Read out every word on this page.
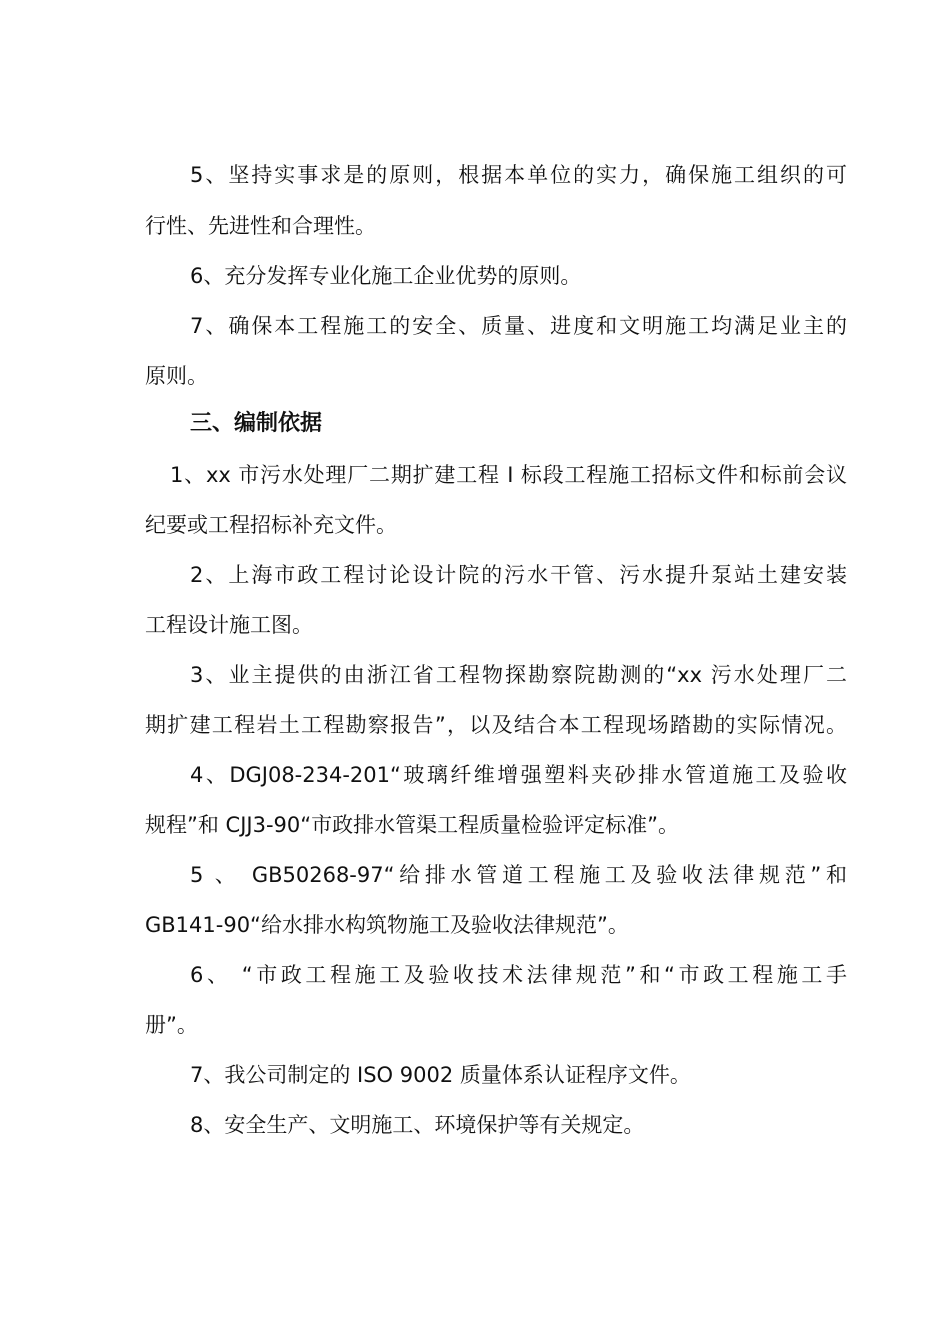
5、坚持实事求是的原则，根据本单位的实力，确保施工组织的可
行性、先进性和合理性。
6、充分发挥专业化施工企业优势的原则。
7、确保本工程施工的安全、质量、进度和文明施工均满足业主的
原则。
三、编制依据
1、xx 市污水处理厂二期扩建工程 I 标段工程施工招标文件和标前会议
纪要或工程招标补充文件。
2、上海市政工程讨论设计院的污水干管、污水提升泵站土建安装
工程设计施工图。
3、业主提供的由浙江省工程物探勘察院勘测的“xx 污水处理厂二
期扩建工程岩土工程勘察报告”，以及结合本工程现场踏勘的实际情况。
4、DGJ08-234-201“玻璃纤维增强塑料夹砂排水管道施工及验收
规程”和 CJJ3-90“市政排水管渠工程质量检验评定标准”。
5 、 GB50268-97“给排水管道工程施工及验收法律规范”和
GB141-90“给水排水构筑物施工及验收法律规范”。
6、 “市政工程施工及验收技术法律规范”和“市政工程施工手
册”。
7、我公司制定的 ISO 9002 质量体系认证程序文件。
8、安全生产、文明施工、环境保护等有关规定。
